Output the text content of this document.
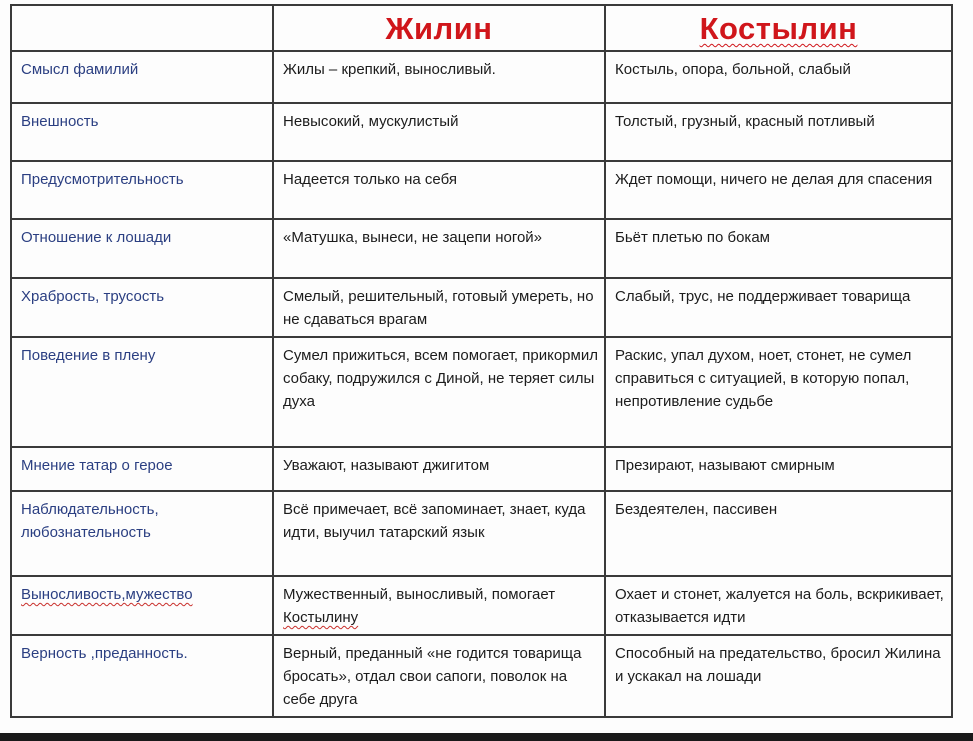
	Жилин	Костылин
Смысл фамилий	Жилы – крепкий, выносливый.	Костыль, опора, больной, слабый
Внешность	Невысокий, мускулистый	Толстый, грузный, красный потливый
Предусмотрительность	Надеется только на себя	Ждет помощи, ничего не делая для спасения
Отношение к лошади	«Матушка, вынеси, не зацепи ногой»	Бьёт плетью по бокам
Храбрость, трусость	Смелый, решительный, готовый умереть, но не сдаваться врагам	Слабый, трус, не поддерживает товарища
Поведение в плену	Сумел прижиться, всем помогает, прикормил собаку, подружился с Диной, не теряет силы духа	Раскис, упал духом, ноет, стонет, не сумел справиться с ситуацией, в которую попал, непротивление судьбе
Мнение татар о герое	Уважают, называют джигитом	Презирают, называют смирным
Наблюдательность, любознательность	Всё примечает, всё запоминает, знает, куда идти, выучил татарский язык	Бездеятелен, пассивен
Выносливость,мужество	Мужественный, выносливый, помогает Костылину	Охает и стонет, жалуется на боль, вскрикивает, отказывается идти
Верность ,преданность.	Верный, преданный «не годится товарища бросать», отдал свои сапоги, поволок на себе друга	Способный на предательство, бросил Жилина и ускакал на лошади
